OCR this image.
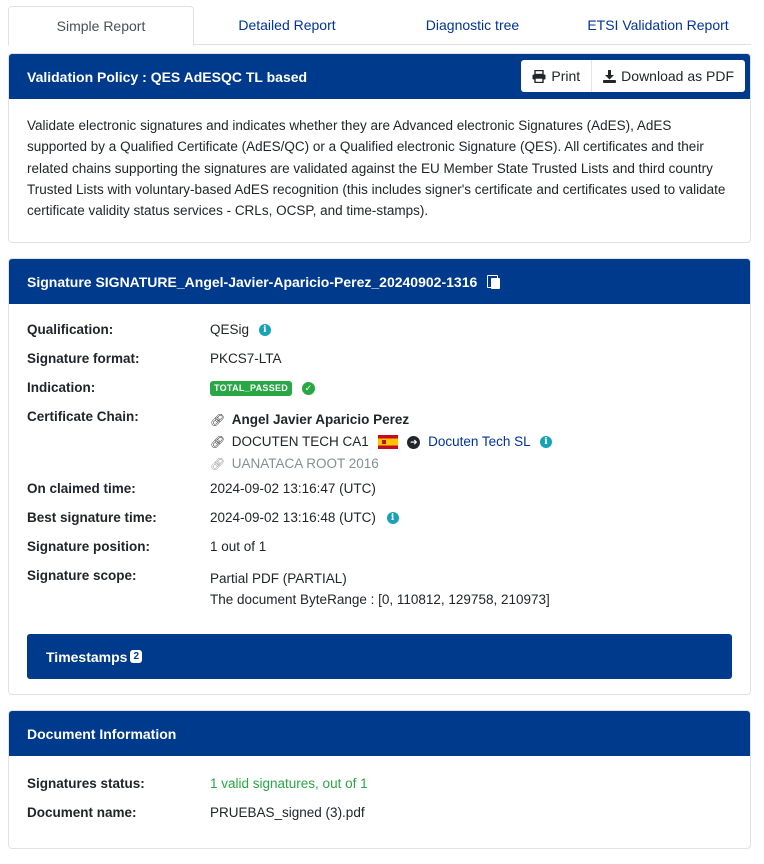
Simple Report	Detailed Report	Diagnostic tree	ETSI Validation Report
Validation Policy : QES AdESQC TL based	Print	Download as PDF
Validate electronic signatures and indicates whether they are Advanced electronic Signatures (AdES), AdES supported by a Qualified Certificate (AdES/QC) or a Qualified electronic Signature (QES). All certificates and their related chains supporting the signatures are validated against the EU Member State Trusted Lists and third country Trusted Lists with voluntary-based AdES recognition (this includes signer's certificate and certificates used to validate certificate validity status services - CRLs, OCSP, and time-stamps).
Signature SIGNATURE_Angel-Javier-Aparicio-Perez_20240902-1316
Qualification:	QESig i
Signature format:	PKCS7-LTA
Indication:	TOTAL_PASSED ✓
Certificate Chain:	🔗︎ Angel Javier Aparicio Perez
🔗︎ DOCUTEN TECH CA1	➜ Docuten Tech SL i
🔗︎ UANATACA ROOT 2016
On claimed time:	2024-09-02 13:16:47 (UTC)
Best signature time:	2024-09-02 13:16:48 (UTC) i
Signature position:	1 out of 1
Signature scope:	Partial PDF (PARTIAL)
The document ByteRange : [0, 110812, 129758, 210973]
Timestamps 2
Document Information
Signatures status:	1 valid signatures, out of 1
Document name:	PRUEBAS_signed (3).pdf
